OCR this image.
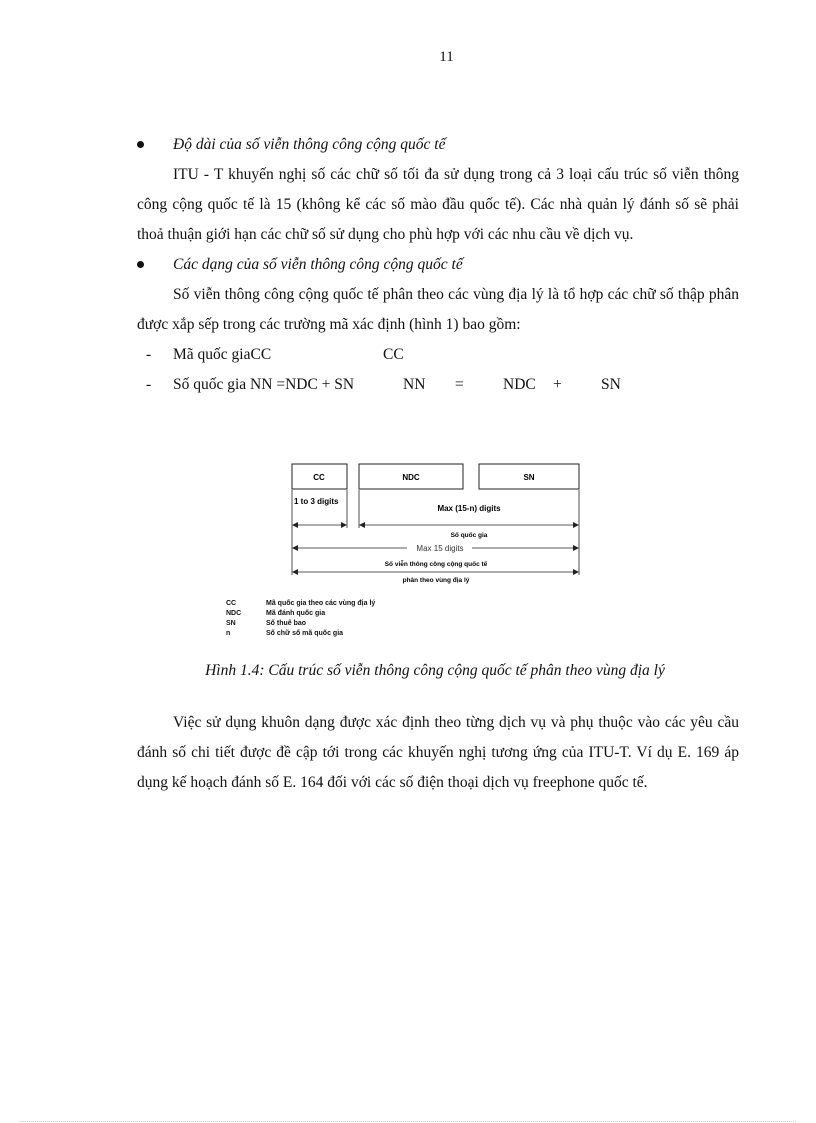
11
Độ dài của số viễn thông công cộng quốc tế
ITU - T khuyến nghị số các chữ số tối đa sử dụng trong cả 3 loại cấu trúc số viễn thông công cộng quốc tế là 15 (không kể các số mào đầu quốc tế). Các nhà quản lý đánh số sẽ phải thoả thuận giới hạn các chữ số sử dụng cho phù hợp với các nhu cầu về dịch vụ.
Các dạng của số viễn thông công cộng quốc tế
Số viễn thông công cộng quốc tế phân theo các vùng địa lý là tổ hợp các chữ số thập phân được xắp sếp trong các trường mã xác định (hình 1) bao gồm:
- Mã quốc giaCC	CC
- Số quốc gia NN =NDC + SN	NN =	NDC +	SN
CC	NDC	SN
1 to 3 digits
Max (15-n) digits
Số quốc gia
Max 15 digits
Số viễn thông công cộng quốc tế
phân theo vùng địa lý
CC	Mã quốc gia theo các vùng địa lý
NDC	Mã đánh quốc gia
SN	Số thuê bao
n	Số chữ số mã quốc gia
Hình 1.4: Cấu trúc số viễn thông công cộng quốc tế phân theo vùng địa lý
Việc sử dụng khuôn dạng được xác định theo từng dịch vụ và phụ thuộc vào các yêu cầu đánh số chi tiết được đề cập tới trong các khuyến nghị tương ứng của ITU-T. Ví dụ E. 169 áp dụng kế hoạch đánh số E. 164 đối với các số điện thoại dịch vụ freephone quốc tế.
